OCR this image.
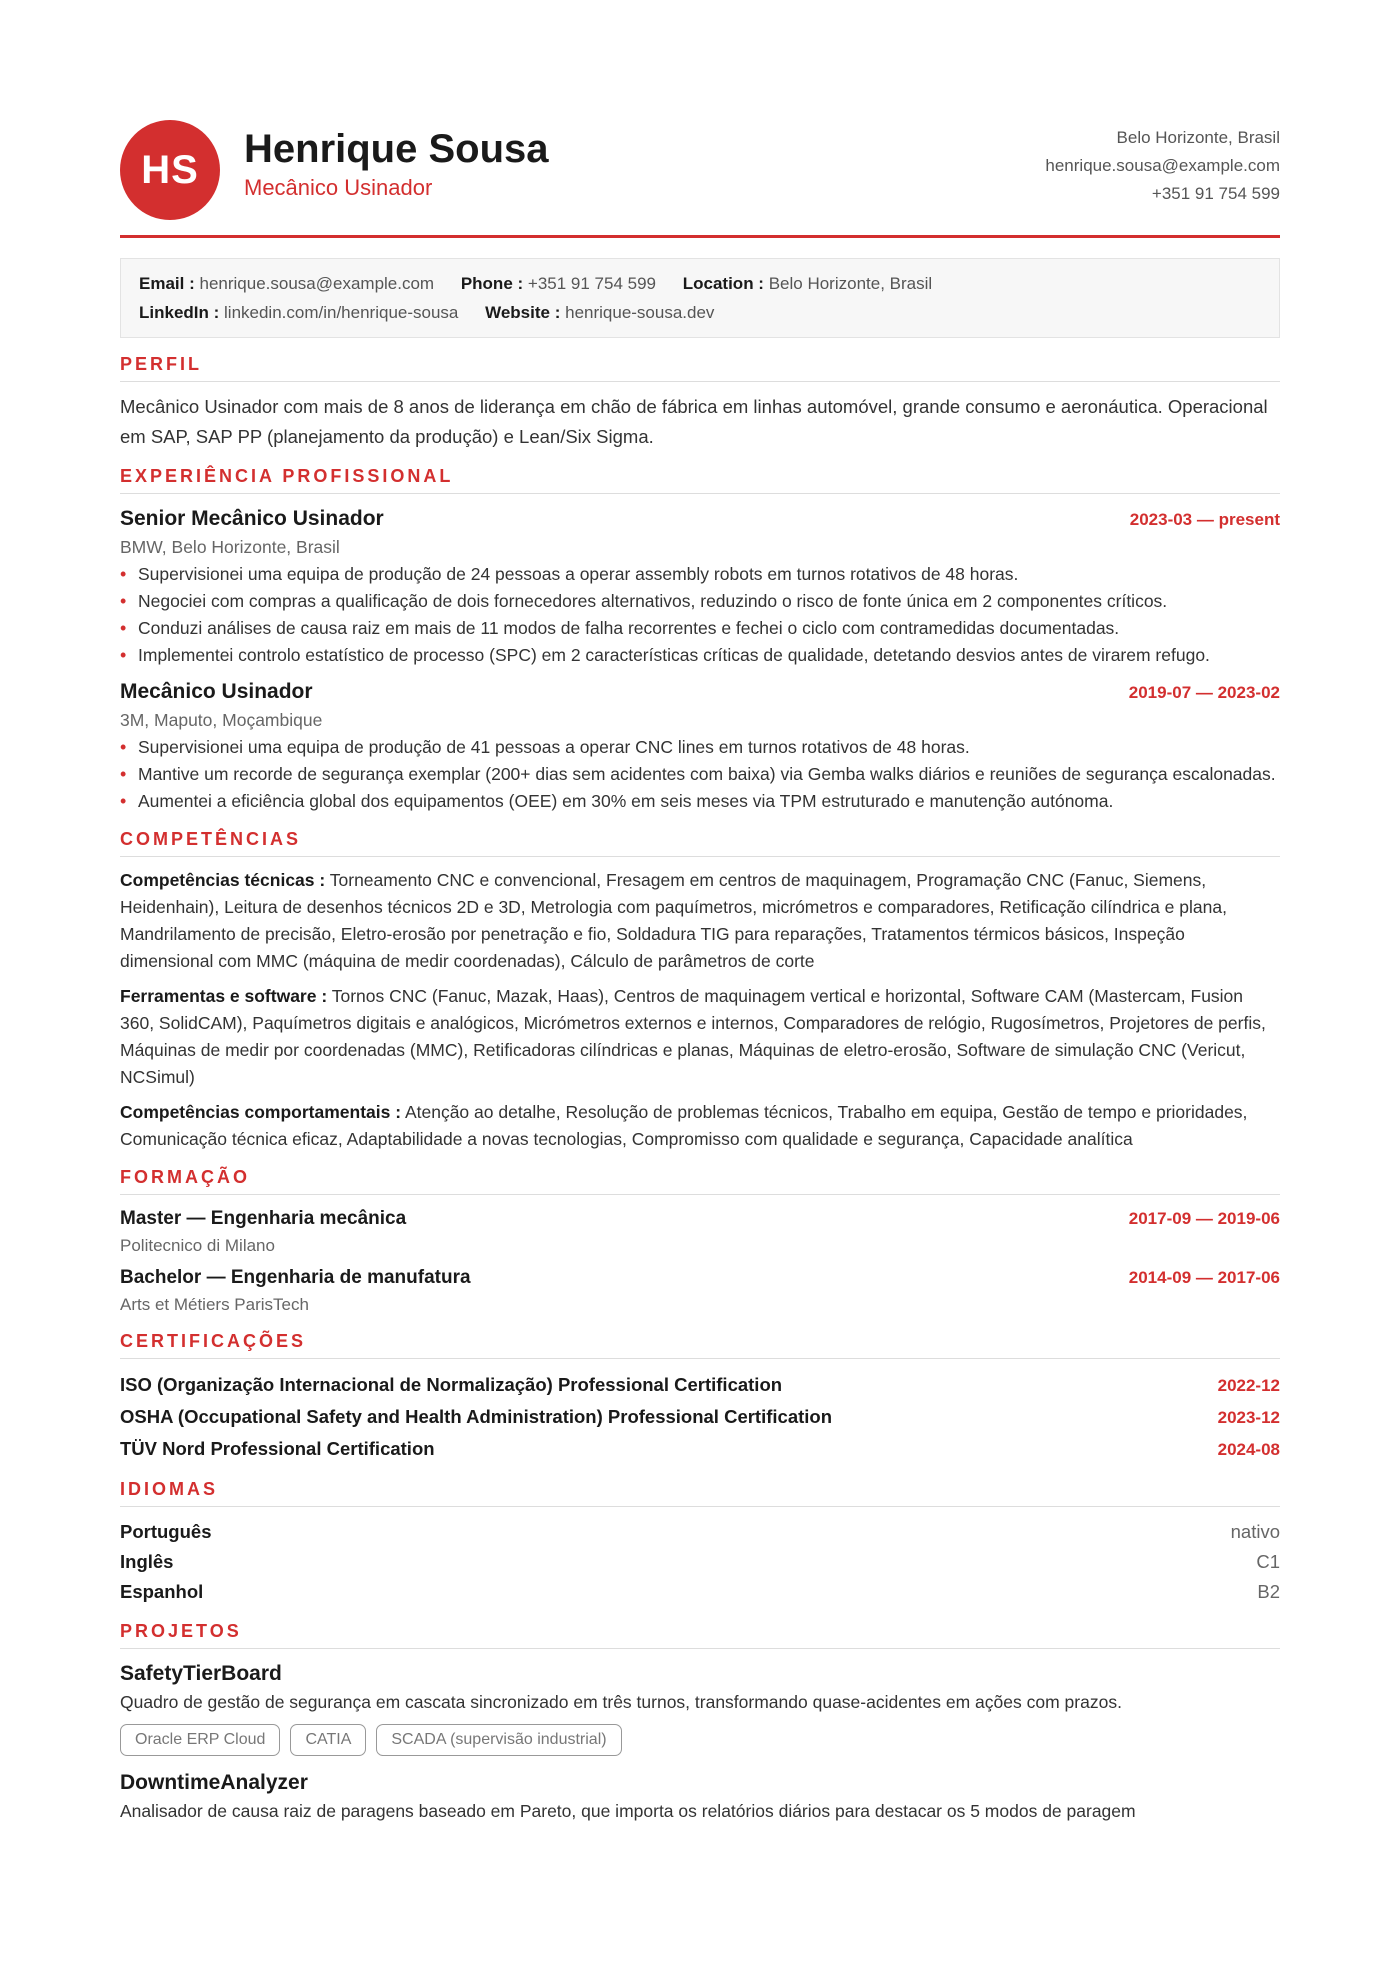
HS	Henrique Sousa
Mecânico Usinador
Belo Horizonte, Brasil
henrique.sousa@example.com
+351 91 754 599
Email : henrique.sousa@example.com Phone : +351 91 754 599 Location : Belo Horizonte, Brasil
LinkedIn : linkedin.com/in/henrique-sousa Website : henrique-sousa.dev
PERFIL
Mecânico Usinador com mais de 8 anos de liderança em chão de fábrica em linhas automóvel, grande consumo e aeronáutica. Operacional em SAP, SAP PP (planejamento da produção) e Lean/Six Sigma.
EXPERIÊNCIA PROFISSIONAL
Senior Mecânico Usinador	2023-03 — present
BMW, Belo Horizonte, Brasil
• Supervisionei uma equipa de produção de 24 pessoas a operar assembly robots em turnos rotativos de 48 horas.
• Negociei com compras a qualificação de dois fornecedores alternativos, reduzindo o risco de fonte única em 2 componentes críticos.
• Conduzi análises de causa raiz em mais de 11 modos de falha recorrentes e fechei o ciclo com contramedidas documentadas.
• Implementei controlo estatístico de processo (SPC) em 2 características críticas de qualidade, detetando desvios antes de virarem refugo.
Mecânico Usinador	2019-07 — 2023-02
3M, Maputo, Moçambique
• Supervisionei uma equipa de produção de 41 pessoas a operar CNC lines em turnos rotativos de 48 horas.
• Mantive um recorde de segurança exemplar (200+ dias sem acidentes com baixa) via Gemba walks diários e reuniões de segurança escalonadas.
• Aumentei a eficiência global dos equipamentos (OEE) em 30% em seis meses via TPM estruturado e manutenção autónoma.
COMPETÊNCIAS
Competências técnicas : Torneamento CNC e convencional, Fresagem em centros de maquinagem, Programação CNC (Fanuc, Siemens, Heidenhain), Leitura de desenhos técnicos 2D e 3D, Metrologia com paquímetros, micrómetros e comparadores, Retificação cilíndrica e plana, Mandrilamento de precisão, Eletro-erosão por penetração e fio, Soldadura TIG para reparações, Tratamentos térmicos básicos, Inspeção dimensional com MMC (máquina de medir coordenadas), Cálculo de parâmetros de corte
Ferramentas e software : Tornos CNC (Fanuc, Mazak, Haas), Centros de maquinagem vertical e horizontal, Software CAM (Mastercam, Fusion 360, SolidCAM), Paquímetros digitais e analógicos, Micrómetros externos e internos, Comparadores de relógio, Rugosímetros, Projetores de perfis, Máquinas de medir por coordenadas (MMC), Retificadoras cilíndricas e planas, Máquinas de eletro-erosão, Software de simulação CNC (Vericut, NCSimul)
Competências comportamentais : Atenção ao detalhe, Resolução de problemas técnicos, Trabalho em equipa, Gestão de tempo e prioridades, Comunicação técnica eficaz, Adaptabilidade a novas tecnologias, Compromisso com qualidade e segurança, Capacidade analítica
FORMAÇÃO
Master — Engenharia mecânica	2017-09 — 2019-06
Politecnico di Milano
Bachelor — Engenharia de manufatura	2014-09 — 2017-06
Arts et Métiers ParisTech
CERTIFICAÇÕES
ISO (Organização Internacional de Normalização) Professional Certification	2022-12
OSHA (Occupational Safety and Health Administration) Professional Certification	2023-12
TÜV Nord Professional Certification	2024-08
IDIOMAS
Português	nativo
Inglês	C1
Espanhol	B2
PROJETOS
SafetyTierBoard
Quadro de gestão de segurança em cascata sincronizado em três turnos, transformando quase-acidentes em ações com prazos.
Oracle ERP Cloud	CATIA	SCADA (supervisão industrial)
DowntimeAnalyzer
Analisador de causa raiz de paragens baseado em Pareto, que importa os relatórios diários para destacar os 5 modos de paragem
